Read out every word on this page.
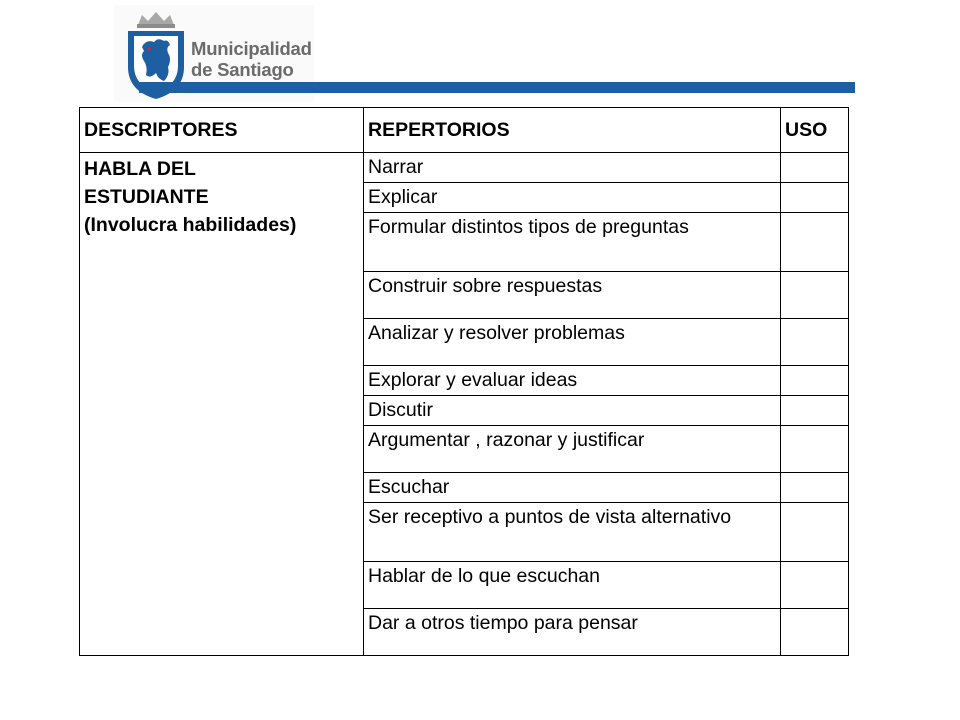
Municipalidad
de Santiago
DESCRIPTORES	REPERTORIOS	USO

HABLA DEL
ESTUDIANTE
(Involucra habilidades)	Narrar	
	Explicar	
	Formular distintos tipos de preguntas	
	Construir sobre respuestas	
	Analizar y resolver problemas	
	Explorar y evaluar ideas	
	Discutir	
	Argumentar , razonar y justificar	
	Escuchar	
	Ser receptivo a puntos de vista alternativo	
	Hablar de lo que escuchan	
	Dar a otros tiempo para pensar	
